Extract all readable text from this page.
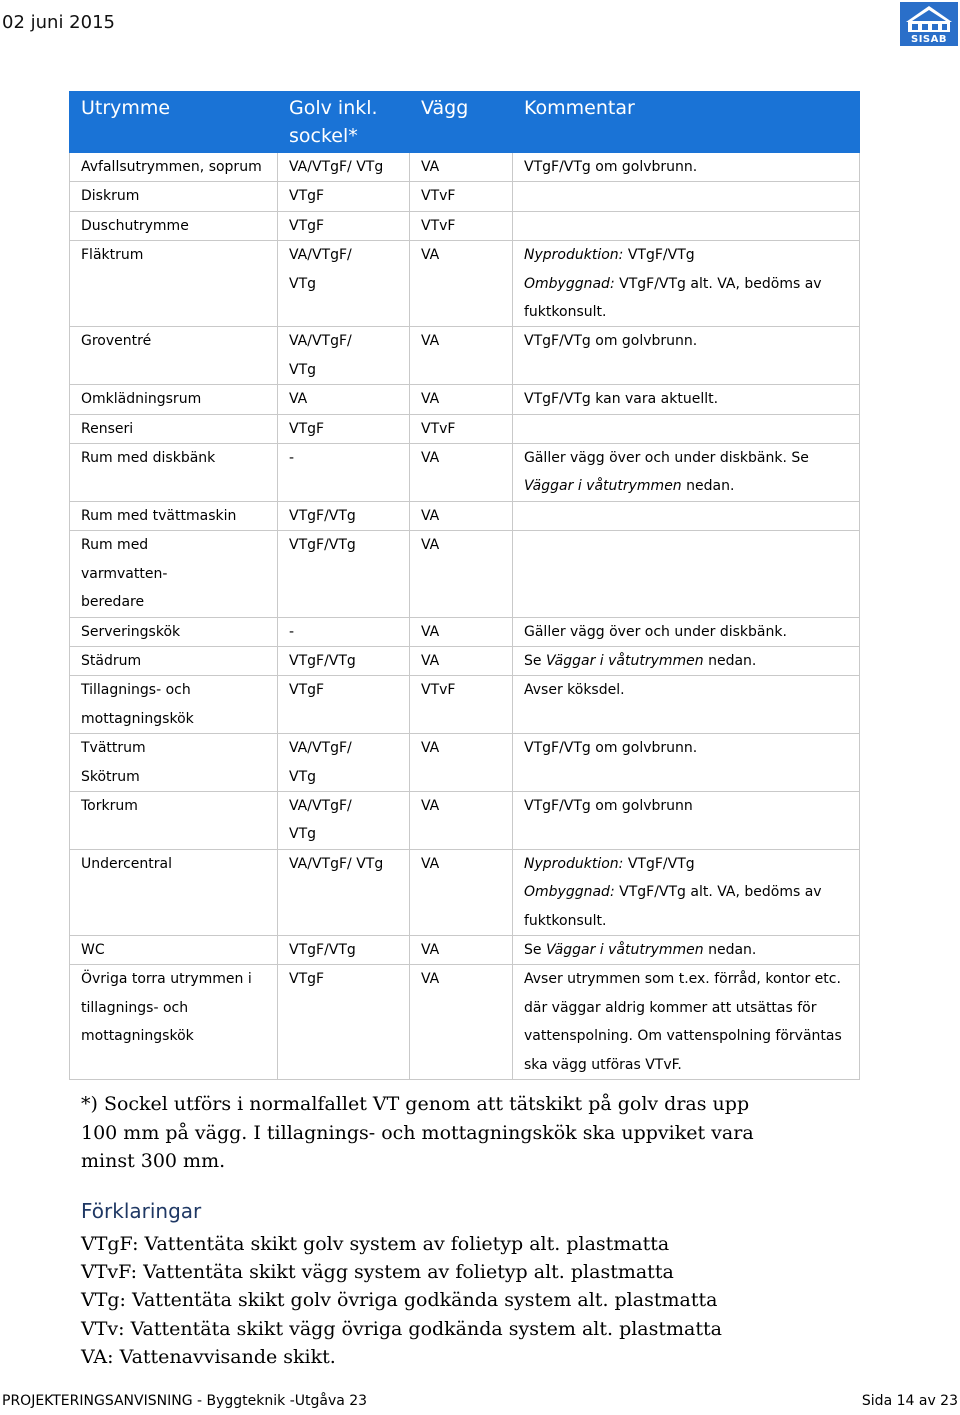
02 juni 2015
SISAB
Utrymme	Golv inkl. sockel*	Vägg	Kommentar
Avfallsutrymmen, soprum	VA/VTgF/ VTg	VA	VTgF/VTg om golvbrunn.
Diskrum	VTgF	VTvF	
Duschutrymme	VTgF	VTvF	
Fläktrum	VA/VTgF/ VTg	VA	Nyproduktion: VTgF/VTg
Ombyggnad: VTgF/VTg alt. VA, bedöms av fuktkonsult.
Groventré	VA/VTgF/ VTg	VA	VTgF/VTg om golvbrunn.
Omklädningsrum	VA	VA	VTgF/VTg kan vara aktuellt.
Renseri	VTgF	VTvF	
Rum med diskbänk	-	VA	Gäller vägg över och under diskbänk. Se Väggar i våtutrymmen nedan.
Rum med tvättmaskin	VTgF/VTg	VA	

Rum med varmvatten- beredare	VTgF/VTg	VA	
Serveringskök	-	VA	Gäller vägg över och under diskbänk.
Städrum	VTgF/VTg	VA	Se Väggar i våtutrymmen nedan.

Tillagnings- och mottagningskök	VTgF	VTvF	Avser köksdel.

Tvättrum Skötrum	VA/VTgF/ VTg	VA	VTgF/VTg om golvbrunn.
Torkrum	VA/VTgF/ VTg	VA	VTgF/VTg om golvbrunn
Undercentral	VA/VTgF/ VTg	VA	Nyproduktion: VTgF/VTg
Ombyggnad: VTgF/VTg alt. VA, bedöms av fuktkonsult.
WC	VTgF/VTg	VA	Se Väggar i våtutrymmen nedan.

Övriga torra utrymmen i tillagnings- och mottagningskök	VTgF	VA	Avser utrymmen som t.ex. förråd, kontor etc. där väggar aldrig kommer att utsättas för vattenspolning. Om vattenspolning förväntas ska vägg utföras VTvF.
*) Sockel utförs i normalfallet VT genom att tätskikt på golv dras upp 100 mm på vägg. I tillagnings- och mottagningskök ska uppviket vara minst 300 mm.
Förklaringar
VTgF: Vattentäta skikt golv system av folietyp alt. plastmatta
VTvF: Vattentäta skikt vägg system av folietyp alt. plastmatta
VTg: Vattentäta skikt golv övriga godkända system alt. plastmatta
VTv: Vattentäta skikt vägg övriga godkända system alt. plastmatta
VA: Vattenavvisande skikt.
PROJEKTERINGSANVISNING - Byggteknik -Utgåva 23	Sida 14 av 23
